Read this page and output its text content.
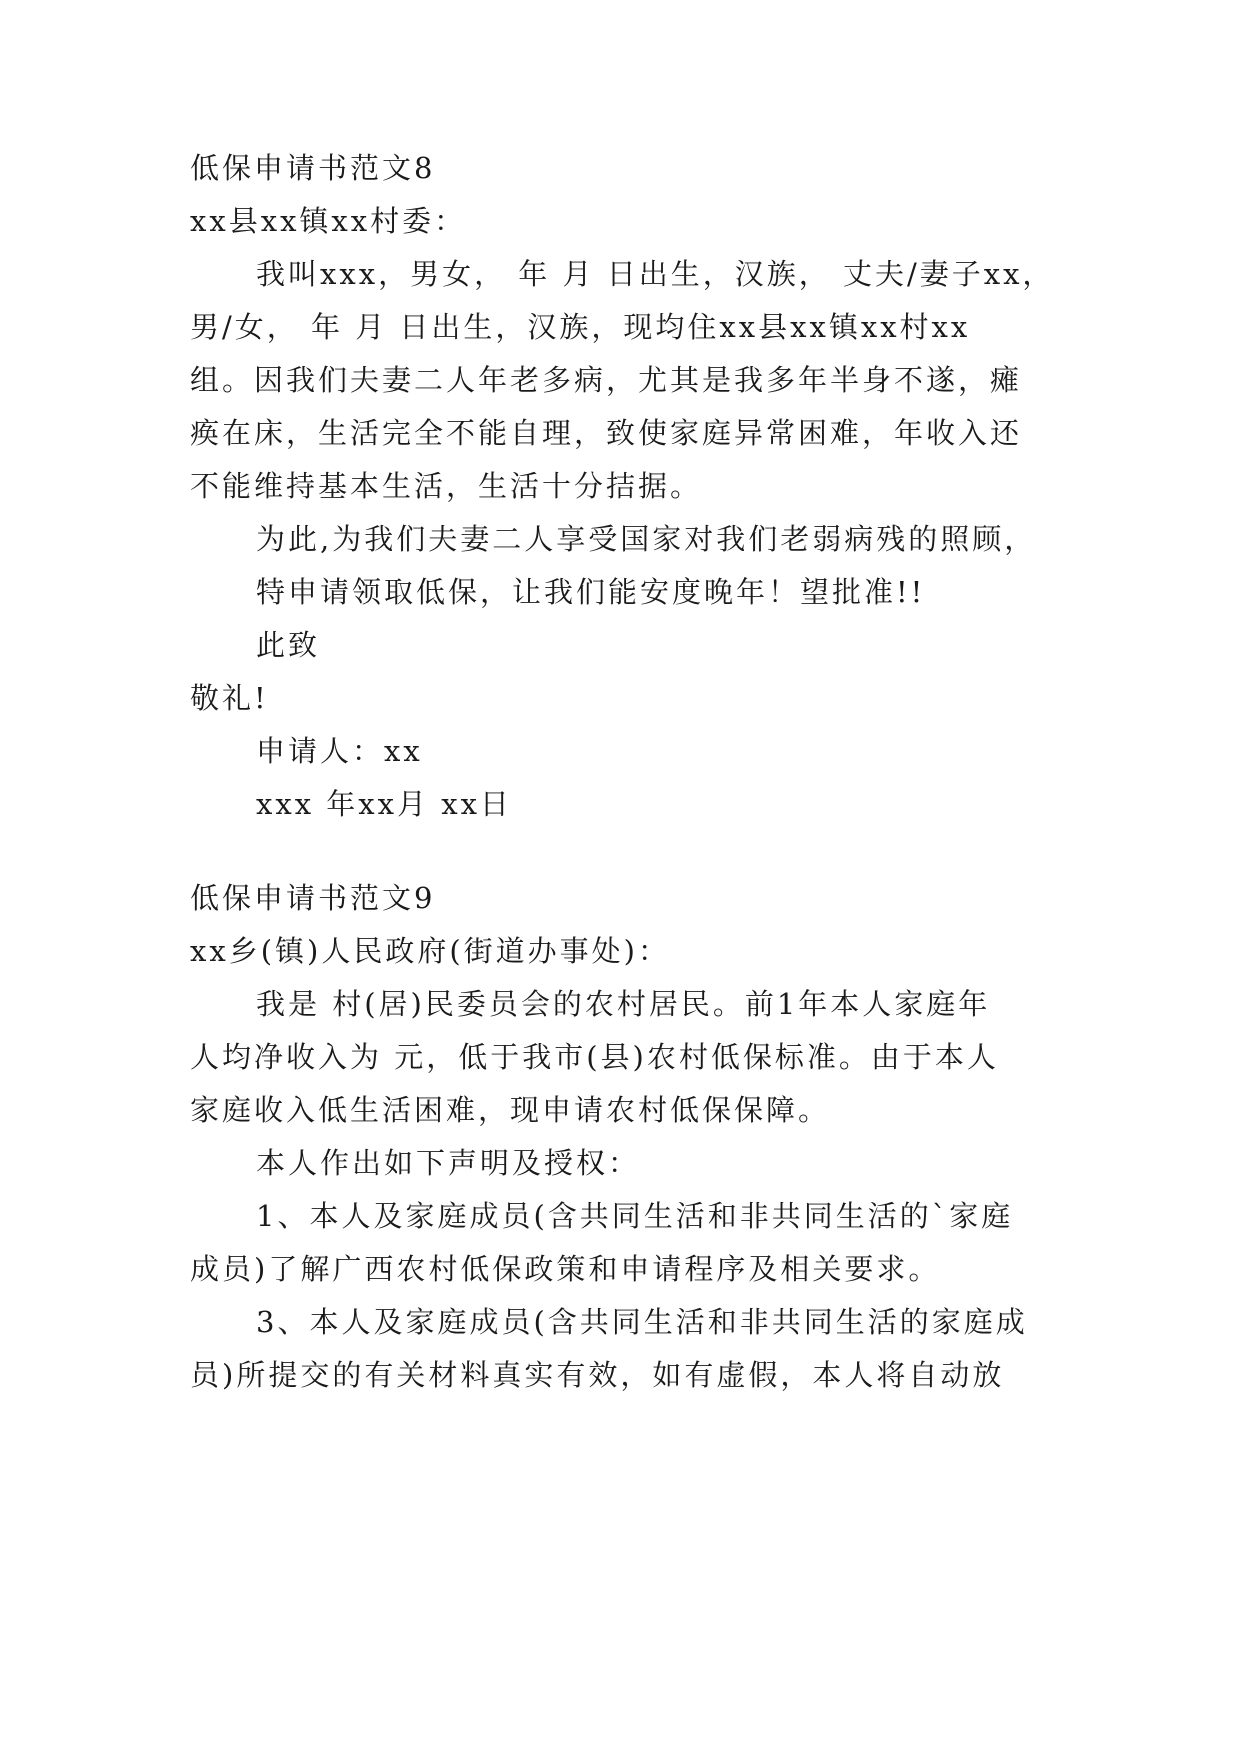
低保申请书范文8
xx县xx镇xx村委：
我叫xxx，男女， 年 月 日出生，汉族， 丈夫/妻子xx，
男/女， 年 月 日出生，汉族，现均住xx县xx镇xx村xx
组。因我们夫妻二人年老多病，尤其是我多年半身不遂，瘫
痪在床，生活完全不能自理，致使家庭异常困难，年收入还
不能维持基本生活，生活十分拮据。
为此,为我们夫妻二人享受国家对我们老弱病残的照顾，
特申请领取低保，让我们能安度晚年！望批准!!
此致
敬礼!
申请人：xx
xxx 年xx月 xx日
低保申请书范文9
xx乡(镇)人民政府(街道办事处)：
我是 村(居)民委员会的农村居民。前1年本人家庭年
人均净收入为 元，低于我市(县)农村低保标准。由于本人
家庭收入低生活困难，现申请农村低保保障。
本人作出如下声明及授权：
1、本人及家庭成员(含共同生活和非共同生活的`家庭
成员)了解广西农村低保政策和申请程序及相关要求。
3、本人及家庭成员(含共同生活和非共同生活的家庭成
员)所提交的有关材料真实有效，如有虚假，本人将自动放
